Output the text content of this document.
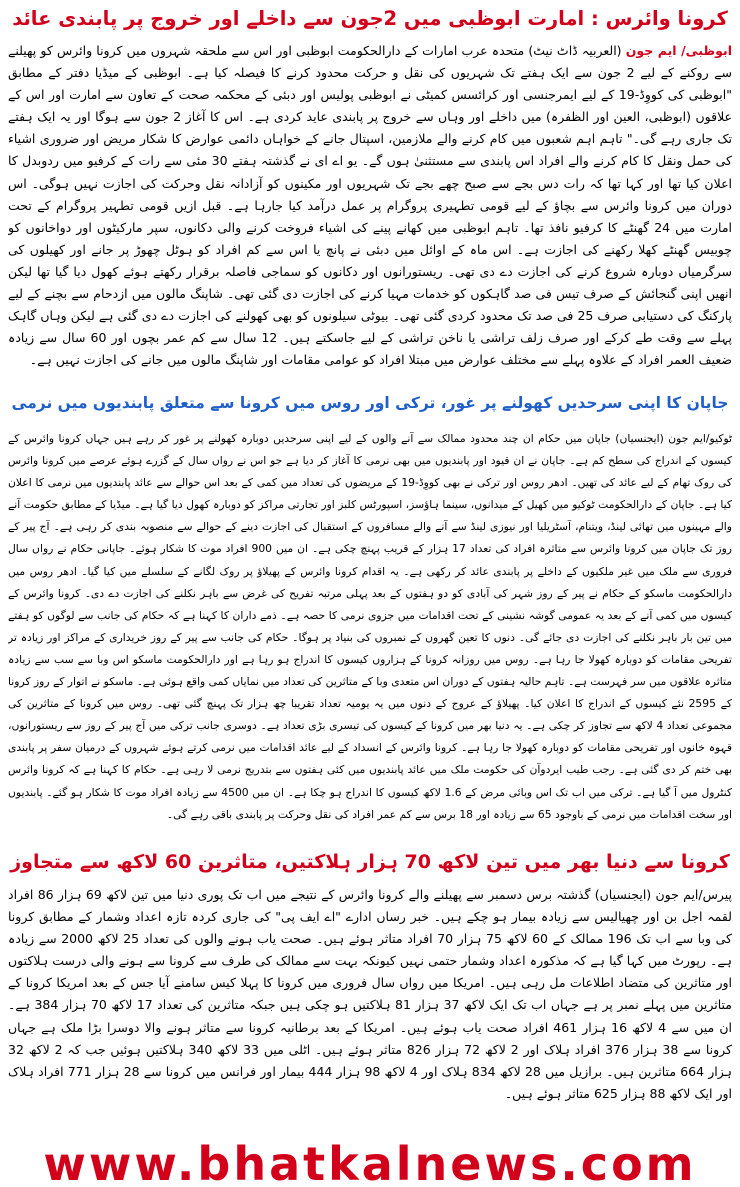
کرونا وائرس : امارت ابوظبی میں 2جون سے داخلے اور خروج پر پابندی عائد
ابوظبی/ ایم جون (العربیہ ڈاٹ نیٹ) متحدہ عرب امارات کے دارالحکومت ابوظبی اور اس سے ملحقہ شہروں میں کرونا وائرس کو پھیلنے سے روکنے کے لیے 2 جون سے ایک ہفتے تک شہریوں کی نقل و حرکت محدود کرنے کا فیصلہ کیا ہے۔ ابوظبی کے میڈیا دفتر کے مطابق "ابوظبی کی کووِڈ-19 کے لیے ایمرجنسی اور کرائسس کمیٹی نے ابوظبی پولیس اور دبئی کے محکمہ صحت کے تعاون سے امارت اور اس کے علاقوں (ابوظبی، العین اور الظفرہ) میں داخلے اور وہاں سے خروج پر پابندی عاید کردی ہے۔ اس کا آغاز 2 جون سے ہوگا اور یہ ایک ہفتے تک جاری رہے گی۔" تاہم اہم شعبوں میں کام کرنے والے ملازمین، اسپتال جانے کے خواہاں دائمی عوارض کا شکار مریض اور ضروری اشیاء کی حمل ونقل کا کام کرنے والے افراد اس پابندی سے مستثنیٰ ہوں گے۔ یو اے ای نے گذشتہ ہفتے 30 مئی سے رات کے کرفیو میں ردوبدل کا اعلان کیا تھا اور کہا تھا کہ رات دس بجے سے صبح چھے بجے تک شہریوں اور مکینوں کو آزادانہ نقل وحرکت کی اجازت نہیں ہوگی۔ اس دوران میں کرونا وائرس سے بچاؤ کے لیے قومی تطہیری پروگرام پر عمل درآمد کیا جارہا ہے۔ قبل ازیں قومی تطہیر پروگرام کے تحت امارت میں 24 گھنٹے کا کرفیو نافذ تھا۔ تاہم ابوظبی میں کھانے پینے کی اشیاء فروخت کرنے والی دکانوں، سپر مارکیٹوں اور دواخانوں کو چوبیس گھنٹے کھلا رکھنے کی اجازت ہے۔ اس ماہ کے اوائل میں دبئی نے پانچ یا اس سے کم افراد کو ہوٹل چھوڑ پر جانے اور کھیلوں کی سرگرمیاں دوبارہ شروع کرنے کی اجازت دے دی تھی۔ ریستورانوں اور دکانوں کو سماجی فاصلہ برقرار رکھتے ہوئے کھول دیا گیا تھا لیکن انھیں اپنی گنجائش کے صرف تیس فی صد گاہکوں کو خدمات مہیا کرنے کی اجازت دی گئی تھی۔ شاپنگ مالوں میں ازدحام سے بچنے کے لیے پارکنگ کی دستیابی صرف 25 فی صد تک محدود کردی گئی تھی۔ بیوٹی سیلونوں کو بھی کھولنے کی اجازت دے دی گئی ہے لیکن وہاں گاہک پہلے سے وقت طے کرکے اور صرف زلف تراشی یا ناخن تراشی کے لیے جاسکتے ہیں۔ 12 سال سے کم عمر بچوں اور 60 سال سے زیادہ ضعیف العمر افراد کے علاوہ پہلے سے مختلف عوارض میں مبتلا افراد کو عوامی مقامات اور شاپنگ مالوں میں جانے کی اجازت نہیں ہے۔
جاپان کا اپنی سرحدیں کھولنے پر غور، ترکی اور روس میں کرونا سے متعلق پابندیوں میں نرمی
ٹوکیو/ایم جون (ایجنسیاں) جاپان میں حکام ان چند محدود ممالک سے آنے والوں کے لیے اپنی سرحدیں دوبارہ کھولنے پر غور کر رہے ہیں جہاں کرونا وائرس کے کیسوں کے اندراج کی سطح کم ہے۔ جاپان نے ان قیود اور پابندیوں میں بھی نرمی کا آغاز کر دیا ہے جو اس نے رواں سال کے گزرے ہوئے عرصے میں کرونا وائرس کی روک تھام کے لیے عائد کی تھیں۔ ادھر روس اور ترکی نے بھی کووِڈ-19 کے مریضوں کی تعداد میں کمی کے بعد اس حوالے سے عائد پابندیوں میں نرمی کا اعلان کیا ہے۔ جاپان کے دارالحکومت ٹوکیو میں کھیل کے میدانوں، سینما ہاؤسز، اسپورٹس کلبز اور تجارتی مراکز کو دوبارہ کھول دیا گیا ہے۔ میڈیا کے مطابق حکومت آنے والے مہینوں میں تھائی لینڈ، ویتنام، آسٹریلیا اور نیوزی لینڈ سے آنے والے مسافروں کے استقبال کی اجازت دینے کے حوالے سے منصوبہ بندی کر رہی ہے۔ آج پیر کے روز تک جاپان میں کرونا وائرس سے متاثرہ افراد کی تعداد 17 ہزار کے قریب پہنچ چکی ہے۔ ان میں 900 افراد موت کا شکار ہوئے۔ جاپانی حکام نے رواں سال فروری سے ملک میں غیر ملکیوں کے داخلے پر پابندی عائد کر رکھی ہے۔ یہ اقدام کرونا وائرس کے پھیلاؤ پر روک لگانے کے سلسلے میں کیا گیا۔ ادھر روس میں دارالحکومت ماسکو کے حکام نے پیر کے روز شہر کی آبادی کو دو ہفتوں کے بعد پہلی مرتبہ تفریح کی غرض سے باہر نکلنے کی اجازت دے دی۔ کرونا وائرس کے کیسوں میں کمی آنے کے بعد یہ عمومی گوشہ نشینی کے تحت اقدامات میں جزوی نرمی کا حصہ ہے۔ ذمے داران کا کہنا ہے کہ حکام کی جانب سے لوگوں کو ہفتے میں تین بار باہر نکلنے کی اجازت دی جائے گی۔ دنوں کا تعین گھروں کے نمبروں کی بنیاد پر ہوگا۔ حکام کی جانب سے پیر کے روز خریداری کے مراکز اور زیادہ تر تفریحی مقامات کو دوبارہ کھولا جا رہا ہے۔ روس میں روزانہ کرونا کے ہزاروں کیسوں کا اندراج ہو رہا ہے اور دارالحکومت ماسکو اس وبا سے سب سے زیادہ متاثرہ علاقوں میں سر فہرست ہے۔ تاہم حالیہ ہفتوں کے دوران اس متعدی وبا کے متاثرین کی تعداد میں نمایاں کمی واقع ہوئی ہے۔ ماسکو نے اتوار کے روز کرونا کے 2595 نئے کیسوں کے اندراج کا اعلان کیا۔ پھیلاؤ کے عروج کے دنوں میں یہ یومیہ تعداد تقریبا چھ ہزار تک پہنچ گئی تھی۔ روس میں کرونا کے متاثرین کی مجموعی تعداد 4 لاکھ سے تجاوز کر چکی ہے۔ یہ دنیا بھر میں کرونا کے کیسوں کی تیسری بڑی تعداد ہے۔ دوسری جانب ترکی میں آج پیر کے روز سے ریستورانوں، قہوہ خانوں اور تفریحی مقامات کو دوبارہ کھولا جا رہا ہے۔ کرونا وائرس کے انسداد کے لیے عائد اقدامات میں نرمی کرتے ہوئے شہروں کے درمیان سفر پر پابندی بھی ختم کر دی گئی ہے۔ رجب طیب ایردوآن کی حکومت ملک میں عائد پابندیوں میں کئی ہفتوں سے بتدریج نرمی لا رہی ہے۔ حکام کا کہنا ہے کہ کرونا وائرس کنٹرول میں آ گیا ہے۔ ترکی میں اب تک اس وبائی مرض کے 1.6 لاکھ کیسوں کا اندراج ہو چکا ہے۔ ان میں 4500 سے زیادہ افراد موت کا شکار ہو گئے۔ پابندیوں اور سخت اقدامات میں نرمی کے باوجود 65 سے زیادہ اور 18 برس سے کم عمر افراد کی نقل وحرکت پر پابندی باقی رہے گی۔
کرونا سے دنیا بھر میں تین لاکھ 70 ہزار ہلاکتیں، متاثرین 60 لاکھ سے متجاوز
پیرس/ایم جون (ایجنسیاں) گذشتہ برس دسمبر سے پھیلنے والے کرونا وائرس کے نتیجے میں اب تک پوری دنیا میں تین لاکھ 69 ہزار 86 افراد لقمہ اجل بن اور چھیالیس سے زیادہ بیمار ہو چکے ہیں۔ خبر رساں ادارے "اے ایف پی" کی جاری کردہ تازہ اعداد وشمار کے مطابق کرونا کی وبا سے اب تک 196 ممالک کے 60 لاکھ 75 ہزار 70 افراد متاثر ہوئے ہیں۔ صحت یاب ہونے والوں کی تعداد 25 لاکھ 2000 سے زیادہ ہے۔ رپورٹ میں کہا گیا ہے کہ مذکورہ اعداد وشمار حتمی نہیں کیونکہ بہت سے ممالک کی طرف سے کرونا سے ہونے والی درست ہلاکتوں اور متاثرین کی متضاد اطلاعات مل رہی ہیں۔ امریکا میں رواں سال فروری میں کرونا کا پہلا کیس سامنے آیا جس کے بعد امریکا کرونا کے متاثرین میں پہلے نمبر پر ہے جہاں اب تک ایک لاکھ 37 ہزار 81 ہلاکتیں ہو چکی ہیں جبکہ متاثرین کی تعداد 17 لاکھ 70 ہزار 384 ہے۔ ان میں سے 4 لاکھ 16 ہزار 461 افراد صحت یاب ہوئے ہیں۔ امریکا کے بعد برطانیہ کرونا سے متاثر ہونے والا دوسرا بڑا ملک ہے جہاں کرونا سے 38 ہزار 376 افراد ہلاک اور 2 لاکھ 72 ہزار 826 متاثر ہوئے ہیں۔ اٹلی میں 33 لاکھ 340 ہلاکتیں ہوئیں جب کہ 2 لاکھ 32 ہزار 664 متاثرین ہیں۔ برازیل میں 28 لاکھ 834 ہلاک اور 4 لاکھ 98 ہزار 444 بیمار اور فرانس میں کرونا سے 28 ہزار 771 افراد ہلاک اور ایک لاکھ 88 ہزار 625 متاثر ہوئے ہیں۔
www.bhatkalnews.com
